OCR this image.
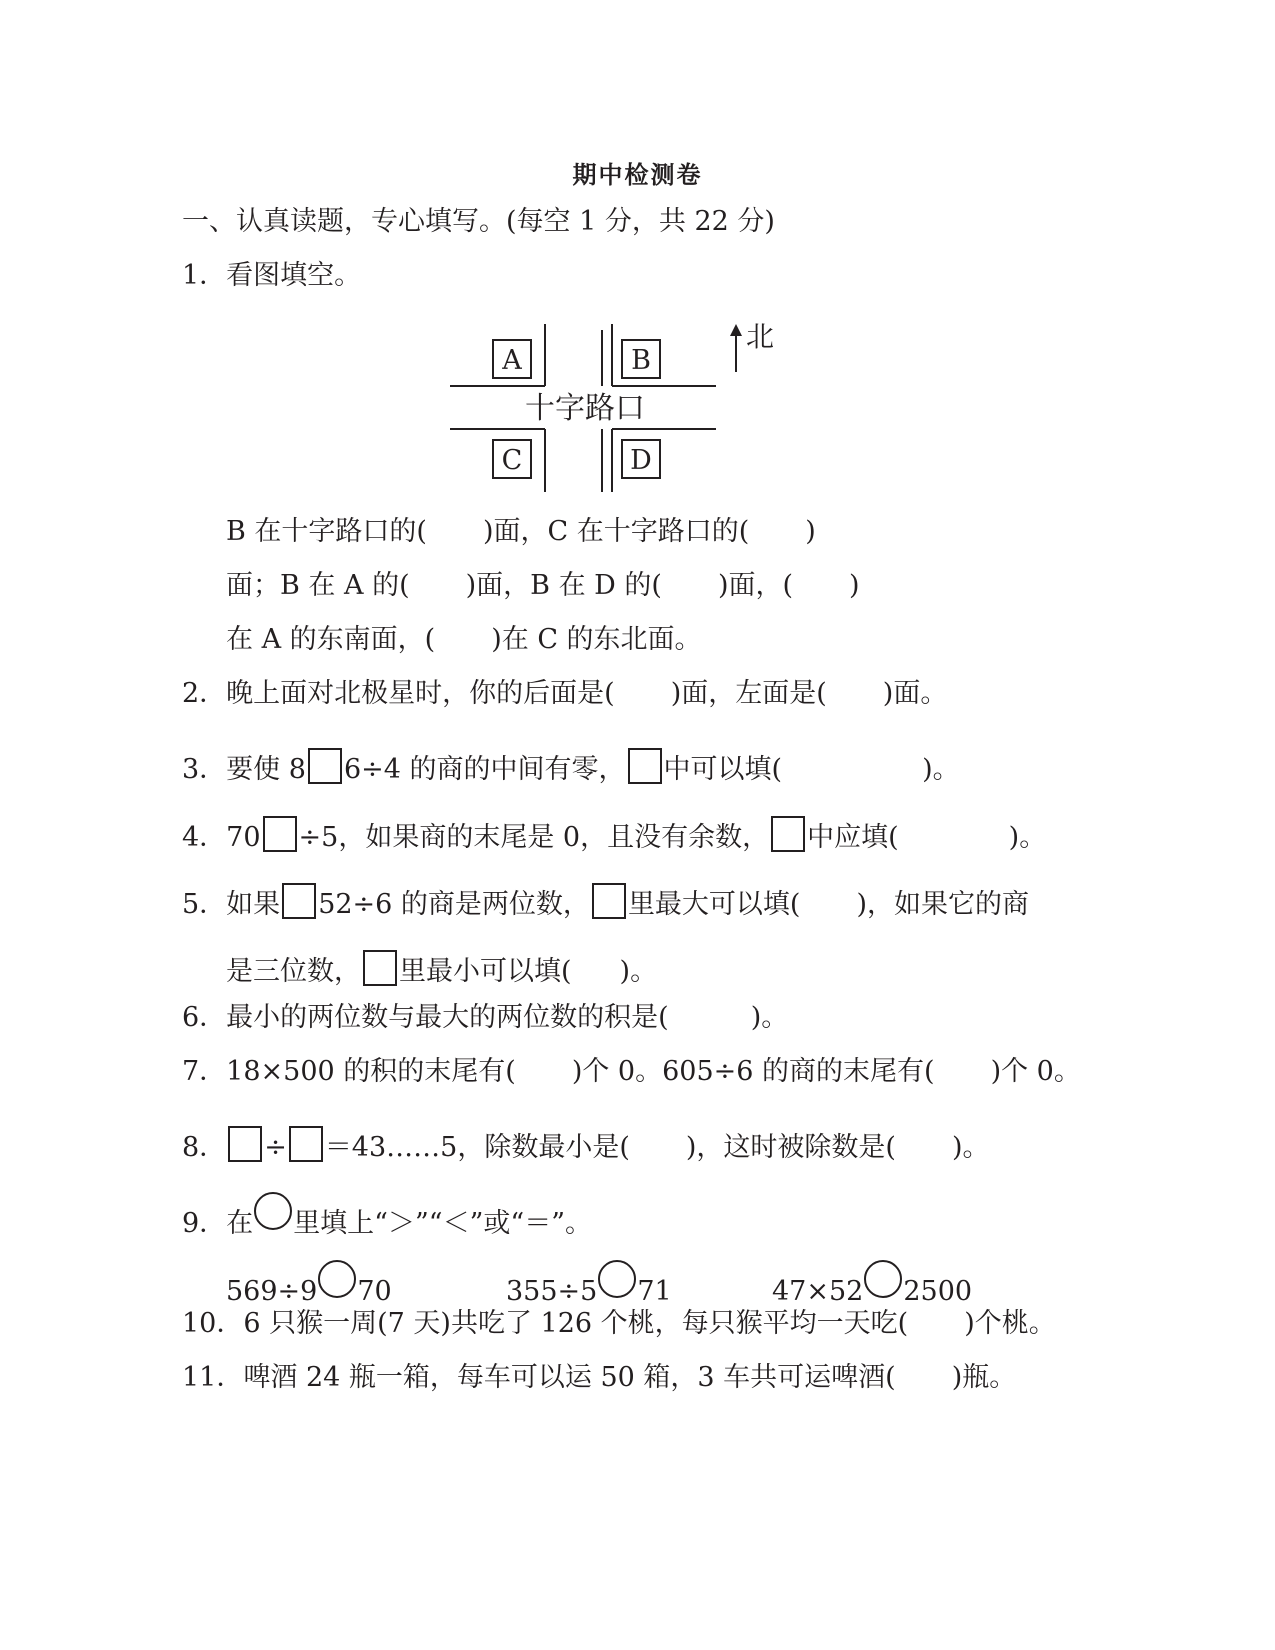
期中检测卷
一、认真读题，专心填写。(每空 1 分，共 22 分)
1．看图填空。
A	B
C	D
十字路口
北
B 在十字路口的( )面，C 在十字路口的( )
面；B 在 A 的( )面，B 在 D 的( )面，( )
在 A 的东南面，( )在 C 的东北面。
2．晚上面对北极星时，你的后面是( )面，左面是( )面。
3．要使 8 6÷4 的商的中间有零， 中可以填(	)。
4．70 ÷5，如果商的末尾是 0，且没有余数， 中应填(	)。
5．如果 52÷6 的商是两位数， 里最大可以填( )，如果它的商
是三位数， 里最小可以填( )。
6．最小的两位数与最大的两位数的积是(	)。
7．18×500 的积的末尾有( )个 0。605÷6 的商的末尾有( )个 0。
8． ÷ ＝43……5，除数最小是( )，这时被除数是( )。
9．在 里填上“＞”“＜”或“＝”。
569÷9 70	355÷5 71	47×52 2500
10．6 只猴一周(7 天)共吃了 126 个桃，每只猴平均一天吃( )个桃。
11．啤酒 24 瓶一箱，每车可以运 50 箱，3 车共可运啤酒( )瓶。
